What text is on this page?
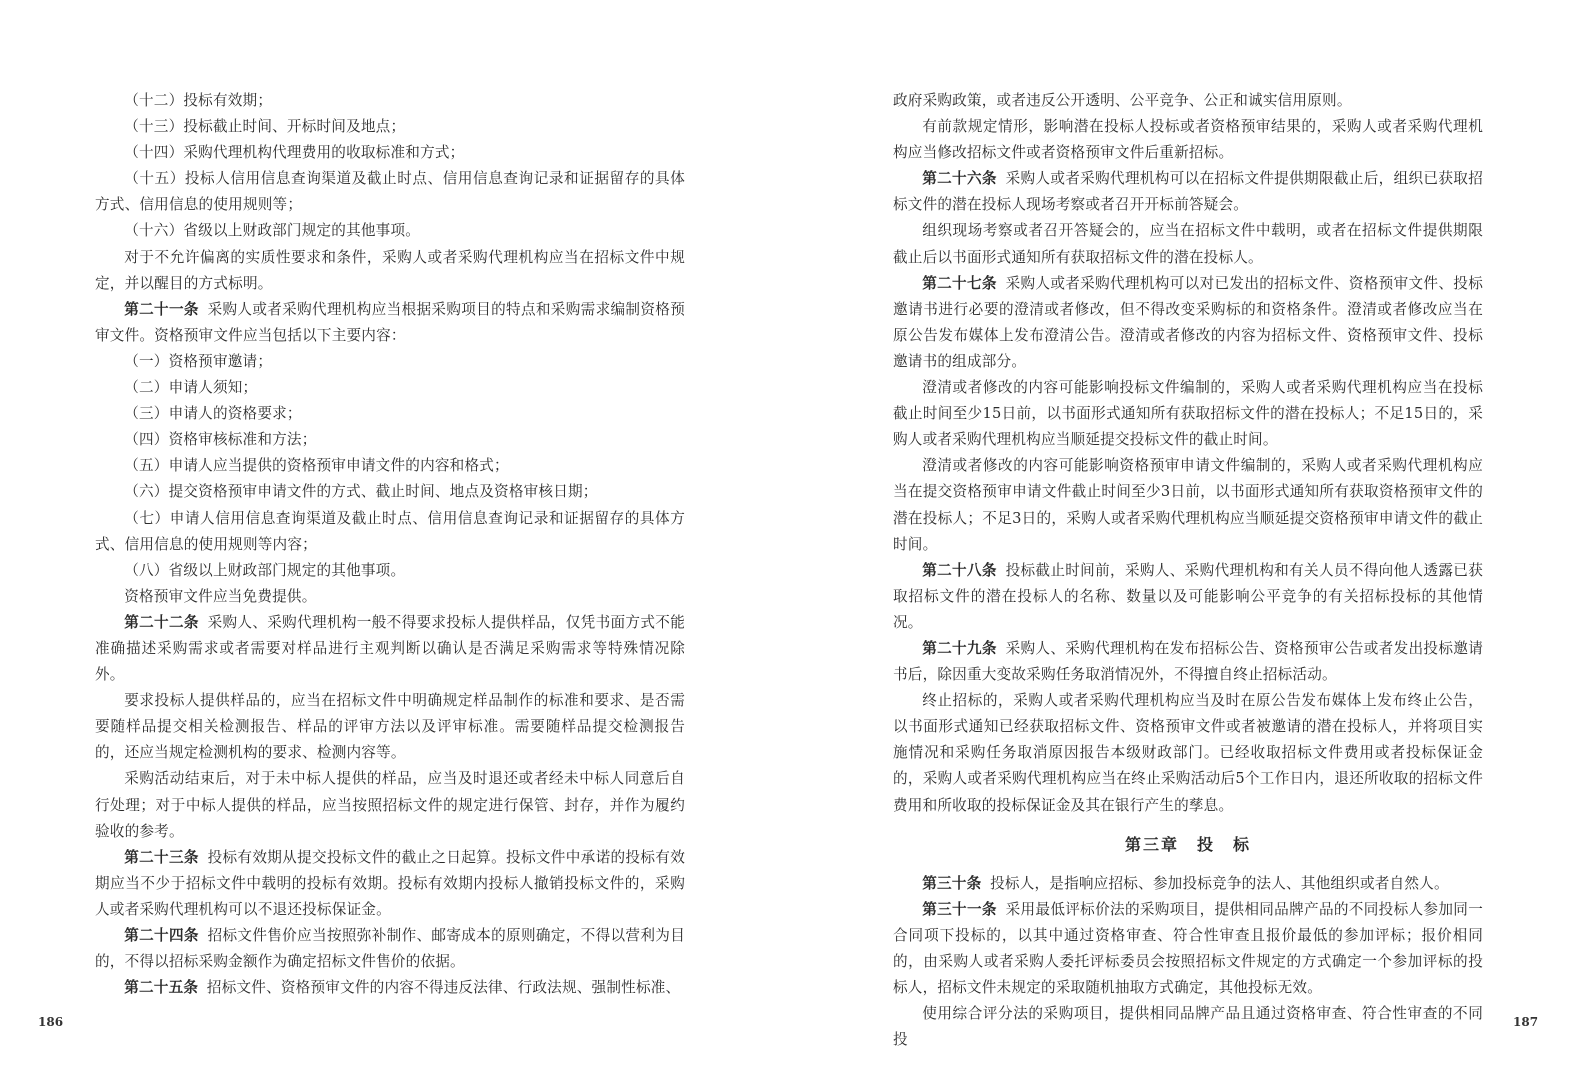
（十二）投标有效期；

（十三）投标截止时间、开标时间及地点；

（十四）采购代理机构代理费用的收取标准和方式；

（十五）投标人信用信息查询渠道及截止时点、信用信息查询记录和证据留存的具体方式、信用信息的使用规则等；

（十六）省级以上财政部门规定的其他事项。

对于不允许偏离的实质性要求和条件，采购人或者采购代理机构应当在招标文件中规定，并以醒目的方式标明。

第二十一条 采购人或者采购代理机构应当根据采购项目的特点和采购需求编制资格预审文件。资格预审文件应当包括以下主要内容：

（一）资格预审邀请；

（二）申请人须知；

（三）申请人的资格要求；

（四）资格审核标准和方法；

（五）申请人应当提供的资格预审申请文件的内容和格式；

（六）提交资格预审申请文件的方式、截止时间、地点及资格审核日期；

（七）申请人信用信息查询渠道及截止时点、信用信息查询记录和证据留存的具体方式、信用信息的使用规则等内容；

（八）省级以上财政部门规定的其他事项。

资格预审文件应当免费提供。

第二十二条 采购人、采购代理机构一般不得要求投标人提供样品，仅凭书面方式不能准确描述采购需求或者需要对样品进行主观判断以确认是否满足采购需求等特殊情况除外。

要求投标人提供样品的，应当在招标文件中明确规定样品制作的标准和要求、是否需要随样品提交相关检测报告、样品的评审方法以及评审标准。需要随样品提交检测报告的，还应当规定检测机构的要求、检测内容等。

采购活动结束后，对于未中标人提供的样品，应当及时退还或者经未中标人同意后自行处理；对于中标人提供的样品，应当按照招标文件的规定进行保管、封存，并作为履约验收的参考。

第二十三条 投标有效期从提交投标文件的截止之日起算。投标文件中承诺的投标有效期应当不少于招标文件中载明的投标有效期。投标有效期内投标人撤销投标文件的，采购人或者采购代理机构可以不退还投标保证金。

第二十四条 招标文件售价应当按照弥补制作、邮寄成本的原则确定，不得以营利为目的，不得以招标采购金额作为确定招标文件售价的依据。

第二十五条 招标文件、资格预审文件的内容不得违反法律、行政法规、强制性标准、

政府采购政策，或者违反公开透明、公平竞争、公正和诚实信用原则。

有前款规定情形，影响潜在投标人投标或者资格预审结果的，采购人或者采购代理机构应当修改招标文件或者资格预审文件后重新招标。

第二十六条 采购人或者采购代理机构可以在招标文件提供期限截止后，组织已获取招标文件的潜在投标人现场考察或者召开开标前答疑会。

组织现场考察或者召开答疑会的，应当在招标文件中载明，或者在招标文件提供期限截止后以书面形式通知所有获取招标文件的潜在投标人。

第二十七条 采购人或者采购代理机构可以对已发出的招标文件、资格预审文件、投标邀请书进行必要的澄清或者修改，但不得改变采购标的和资格条件。澄清或者修改应当在原公告发布媒体上发布澄清公告。澄清或者修改的内容为招标文件、资格预审文件、投标邀请书的组成部分。

澄清或者修改的内容可能影响投标文件编制的，采购人或者采购代理机构应当在投标截止时间至少15日前，以书面形式通知所有获取招标文件的潜在投标人；不足15日的，采购人或者采购代理机构应当顺延提交投标文件的截止时间。

澄清或者修改的内容可能影响资格预审申请文件编制的，采购人或者采购代理机构应当在提交资格预审申请文件截止时间至少3日前，以书面形式通知所有获取资格预审文件的潜在投标人；不足3日的，采购人或者采购代理机构应当顺延提交资格预审申请文件的截止时间。

第二十八条 投标截止时间前，采购人、采购代理机构和有关人员不得向他人透露已获取招标文件的潜在投标人的名称、数量以及可能影响公平竞争的有关招标投标的其他情况。

第二十九条 采购人、采购代理机构在发布招标公告、资格预审公告或者发出投标邀请书后，除因重大变故采购任务取消情况外，不得擅自终止招标活动。

终止招标的，采购人或者采购代理机构应当及时在原公告发布媒体上发布终止公告，以书面形式通知已经获取招标文件、资格预审文件或者被邀请的潜在投标人，并将项目实施情况和采购任务取消原因报告本级财政部门。已经收取招标文件费用或者投标保证金的，采购人或者采购代理机构应当在终止采购活动后5个工作日内，退还所收取的招标文件费用和所收取的投标保证金及其在银行产生的孳息。

第三章　投　标

第三十条 投标人，是指响应招标、参加投标竞争的法人、其他组织或者自然人。

第三十一条 采用最低评标价法的采购项目，提供相同品牌产品的不同投标人参加同一合同项下投标的，以其中通过资格审查、符合性审查且报价最低的参加评标；报价相同的，由采购人或者采购人委托评标委员会按照招标文件规定的方式确定一个参加评标的投标人，招标文件未规定的采取随机抽取方式确定，其他投标无效。

使用综合评分法的采购项目，提供相同品牌产品且通过资格审查、符合性审查的不同投

186	187
